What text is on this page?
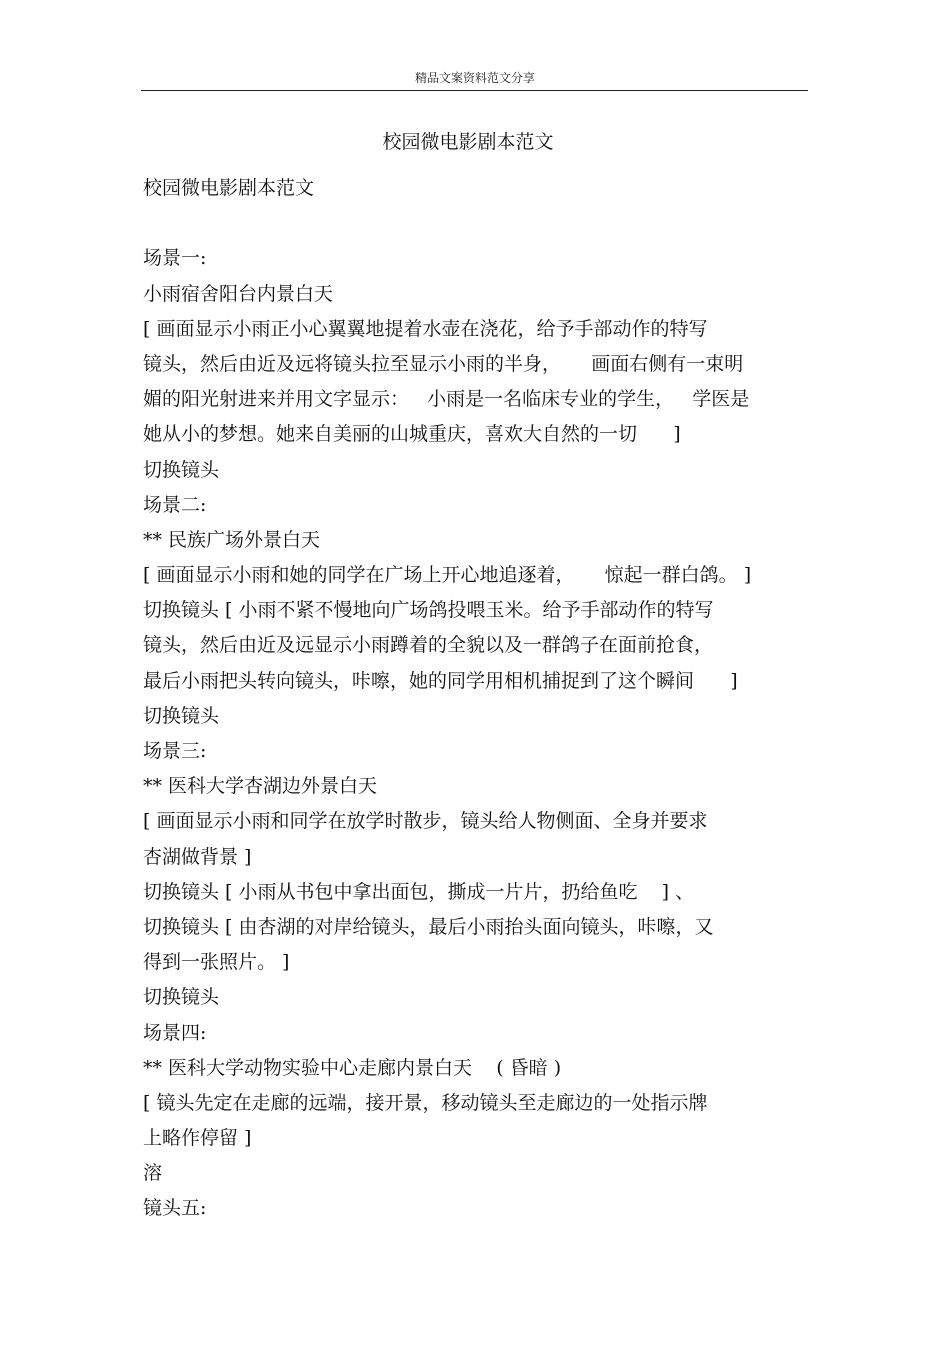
精品文案资料范文分享
校园微电影剧本范文
校园微电影剧本范文
场景一:
小雨宿舍阳台内景白天
[ 画面显示小雨正小心翼翼地提着水壶在浇花，给予手部动作的特写
镜头，然后由近及远将镜头拉至显示小雨的半身，     画面右侧有一束明
媚的阳光射进来并用文字显示：   小雨是一名临床专业的学生，   学医是
她从小的梦想。她来自美丽的山城重庆，喜欢大自然的一切      ]
切换镜头
场景二:
** 民族广场外景白天
[ 画面显示小雨和她的同学在广场上开心地追逐着，     惊起一群白鸽。 ]
切换镜头 [ 小雨不紧不慢地向广场鸽投喂玉米。给予手部动作的特写
镜头，然后由近及远显示小雨蹲着的全貌以及一群鸽子在面前抢食，
最后小雨把头转向镜头，咔嚓，她的同学用相机捕捉到了这个瞬间      ]
切换镜头
场景三:
** 医科大学杏湖边外景白天
[ 画面显示小雨和同学在放学时散步，镜头给人物侧面、全身并要求
杏湖做背景 ]
切换镜头 [ 小雨从书包中拿出面包，撕成一片片，扔给鱼吃    ] 、
切换镜头 [ 由杏湖的对岸给镜头，最后小雨抬头面向镜头，咔嚓，又
得到一张照片。 ]
切换镜头
场景四:
** 医科大学动物实验中心走廊内景白天    ( 昏暗 )
[ 镜头先定在走廊的远端，接开景，移动镜头至走廊边的一处指示牌
上略作停留 ]
溶
镜头五:
